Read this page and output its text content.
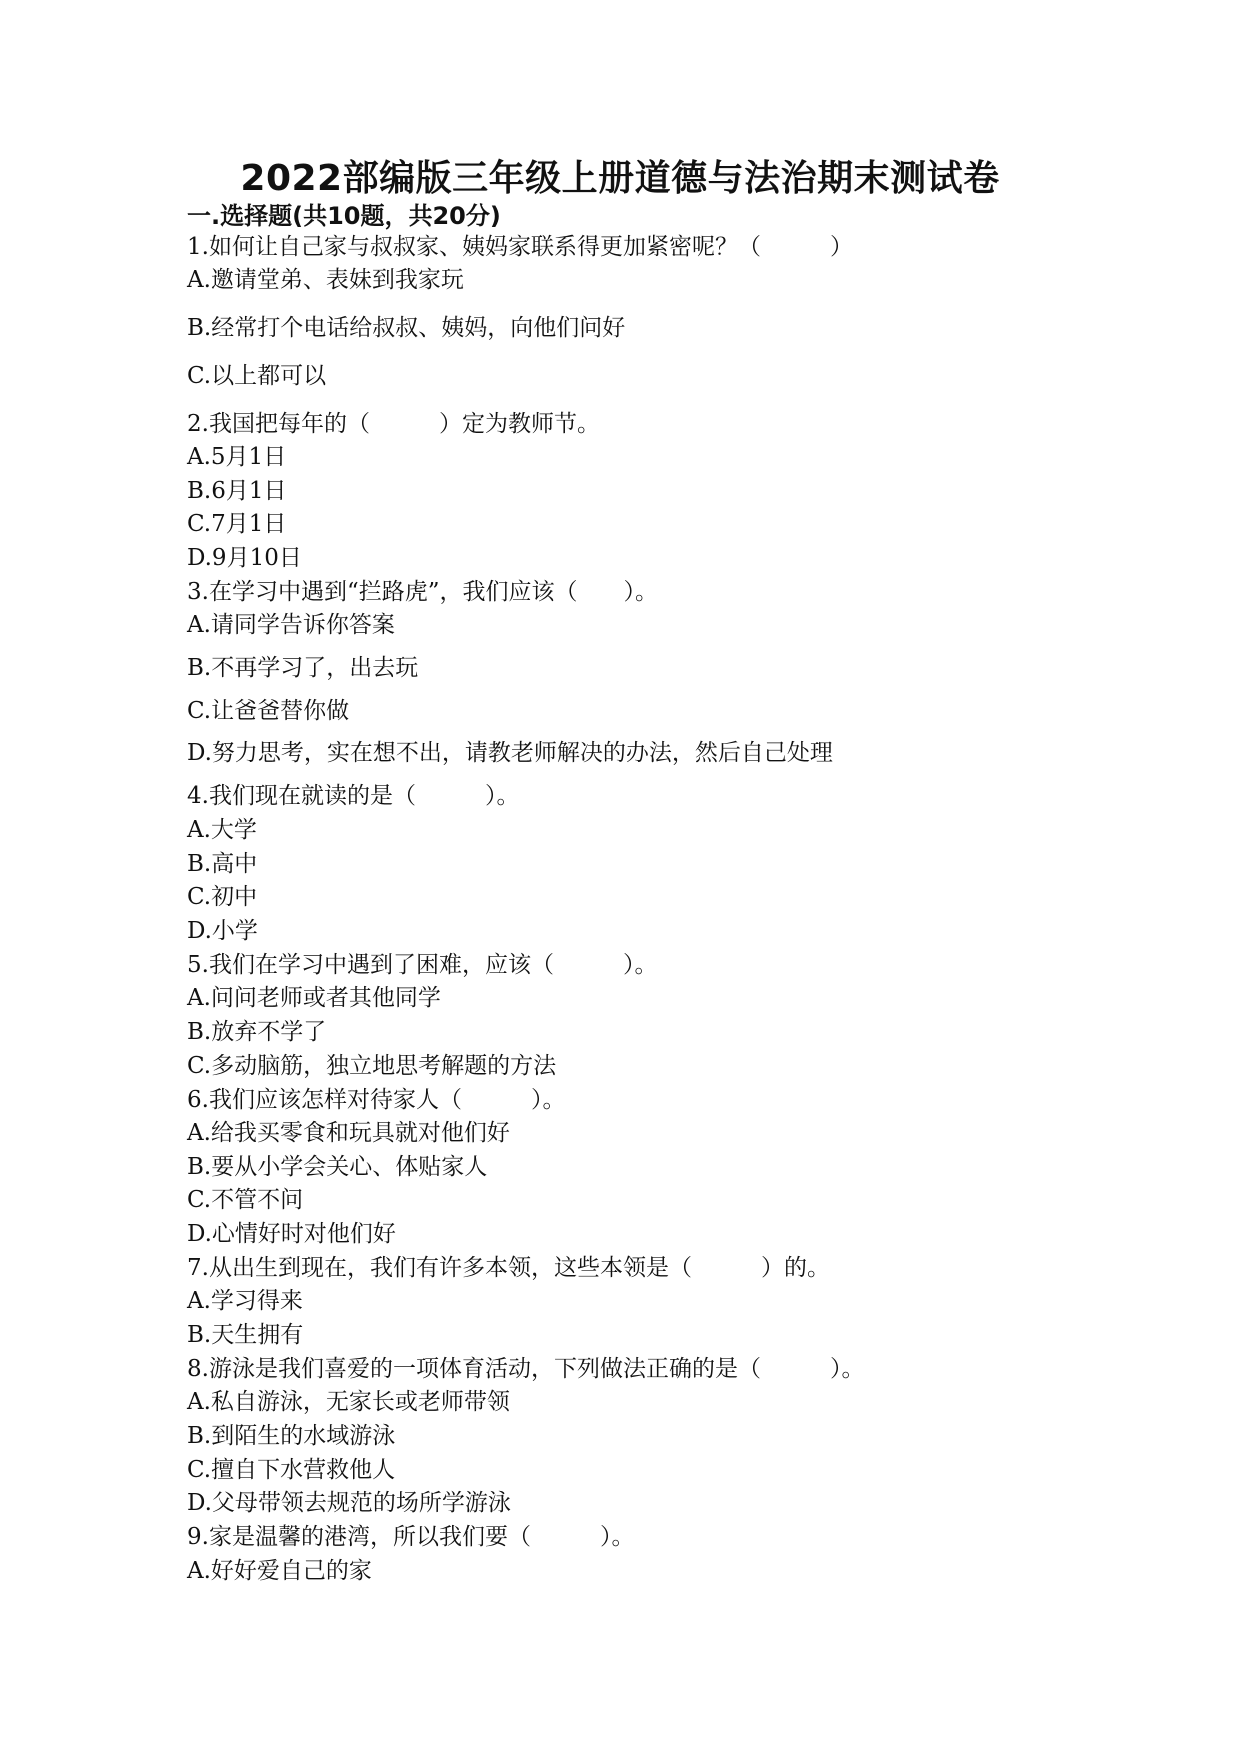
2022部编版三年级上册道德与法治期末测试卷
一.选择题(共10题，共20分)
1.如何让自己家与叔叔家、姨妈家联系得更加紧密呢？（　　　）
A.邀请堂弟、表妹到我家玩
B.经常打个电话给叔叔、姨妈，向他们问好
C.以上都可以
2.我国把每年的（　　　）定为教师节。
A.5月1日
B.6月1日
C.7月1日
D.9月10日
3.在学习中遇到“拦路虎”，我们应该（　　）。
A.请同学告诉你答案
B.不再学习了，出去玩
C.让爸爸替你做
D.努力思考，实在想不出，请教老师解决的办法，然后自己处理
4.我们现在就读的是（　　　）。
A.大学
B.高中
C.初中
D.小学
5.我们在学习中遇到了困难，应该（　　　）。
A.问问老师或者其他同学
B.放弃不学了
C.多动脑筋，独立地思考解题的方法
6.我们应该怎样对待家人（　　　）。
A.给我买零食和玩具就对他们好
B.要从小学会关心、体贴家人
C.不管不问
D.心情好时对他们好
7.从出生到现在，我们有许多本领，这些本领是（　　　）的。
A.学习得来
B.天生拥有
8.游泳是我们喜爱的一项体育活动，下列做法正确的是（　　　）。
A.私自游泳，无家长或老师带领
B.到陌生的水域游泳
C.擅自下水营救他人
D.父母带领去规范的场所学游泳
9.家是温馨的港湾，所以我们要（　　　）。
A.好好爱自己的家
